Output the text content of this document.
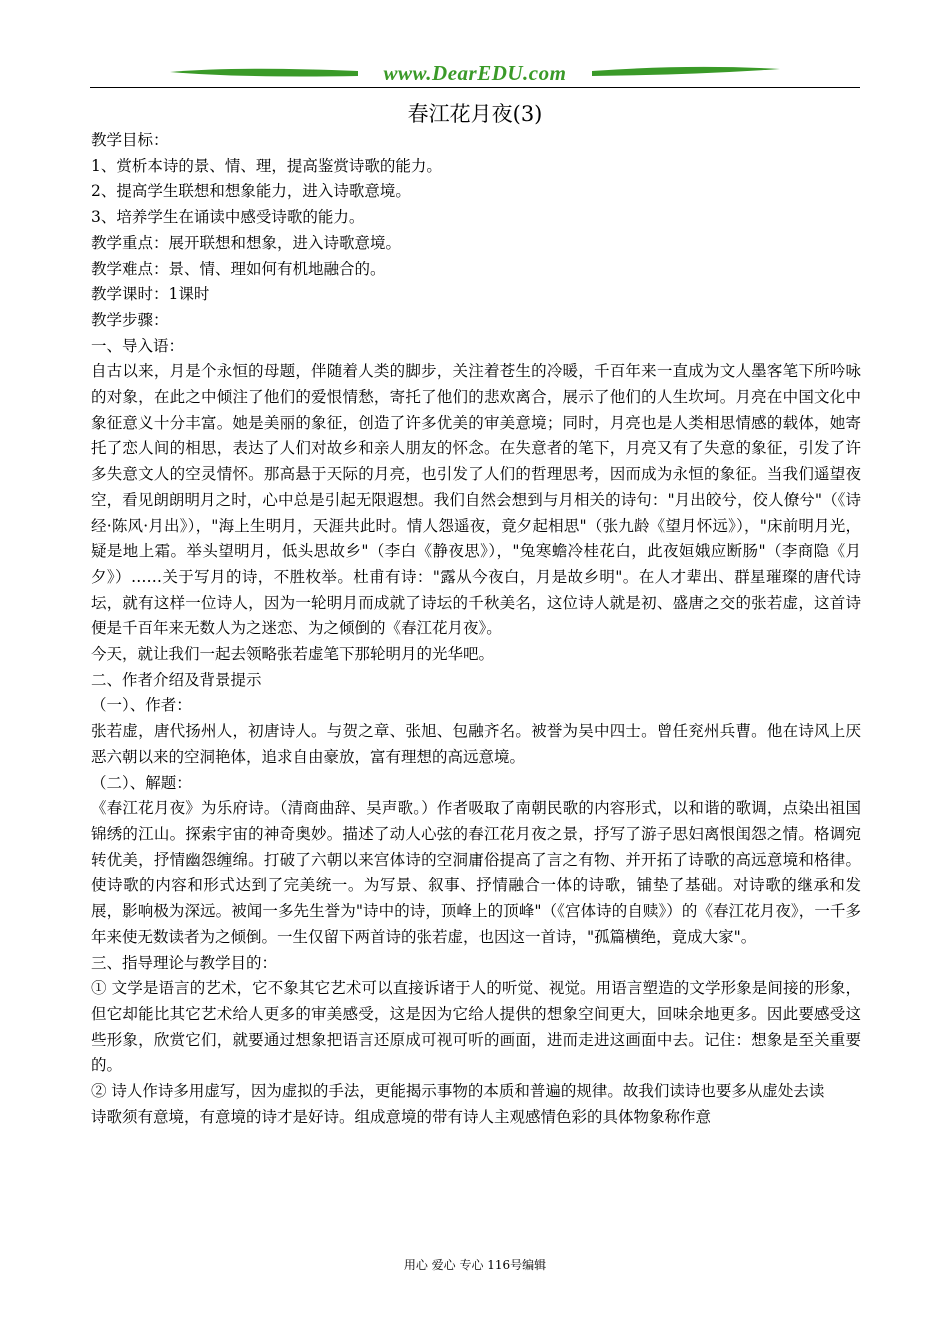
www.DearEDU.com
春江花月夜(3)

教学目标：

1、赏析本诗的景、情、理，提高鉴赏诗歌的能力。

2、提高学生联想和想象能力，进入诗歌意境。

3、培养学生在诵读中感受诗歌的能力。

教学重点：展开联想和想象，进入诗歌意境。

教学难点：景、情、理如何有机地融合的。

教学课时：1课时

教学步骤：

一、导入语：

自古以来，月是个永恒的母题，伴随着人类的脚步，关注着苍生的冷暖，千百年来一直成为文人墨客笔下所吟咏的对象，在此之中倾注了他们的爱恨情愁，寄托了他们的悲欢离合，展示了他们的人生坎坷。月亮在中国文化中象征意义十分丰富。她是美丽的象征，创造了许多优美的审美意境；同时，月亮也是人类相思情感的载体，她寄托了恋人间的相思，表达了人们对故乡和亲人朋友的怀念。在失意者的笔下，月亮又有了失意的象征，引发了许多失意文人的空灵情怀。那高悬于天际的月亮，也引发了人们的哲理思考，因而成为永恒的象征。当我们遥望夜空，看见朗朗明月之时，心中总是引起无限遐想。我们自然会想到与月相关的诗句："月出皎兮，佼人僚兮"（《诗经·陈风·月出》），"海上生明月，天涯共此时。情人怨遥夜，竟夕起相思"（张九龄《望月怀远》），"床前明月光，疑是地上霜。举头望明月，低头思故乡"（李白《静夜思》），"兔寒蟾冷桂花白，此夜姮娥应断肠"（李商隐《月夕》）……关于写月的诗，不胜枚举。杜甫有诗："露从今夜白，月是故乡明"。在人才辈出、群星璀璨的唐代诗坛，就有这样一位诗人，因为一轮明月而成就了诗坛的千秋美名，这位诗人就是初、盛唐之交的张若虚，这首诗便是千百年来无数人为之迷恋、为之倾倒的《春江花月夜》。

今天，就让我们一起去领略张若虚笔下那轮明月的光华吧。

二、作者介绍及背景提示

（一）、作者：

张若虚，唐代扬州人，初唐诗人。与贺之章、张旭、包融齐名。被誉为吴中四士。曾任兖州兵曹。他在诗风上厌恶六朝以来的空洞艳体，追求自由豪放，富有理想的高远意境。

（二）、解题：

《春江花月夜》为乐府诗。（清商曲辞、吴声歌。）作者吸取了南朝民歌的内容形式，以和谐的歌调，点染出祖国锦绣的江山。探索宇宙的神奇奥妙。描述了动人心弦的春江花月夜之景，抒写了游子思妇离恨闺怨之情。格调宛转优美，抒情幽怨缠绵。打破了六朝以来宫体诗的空洞庸俗提高了言之有物、并开拓了诗歌的高远意境和格律。使诗歌的内容和形式达到了完美统一。为写景、叙事、抒情融合一体的诗歌，铺垫了基础。对诗歌的继承和发展，影响极为深远。被闻一多先生誉为"诗中的诗，顶峰上的顶峰"（《宫体诗的自赎》）的《春江花月夜》，一千多年来使无数读者为之倾倒。一生仅留下两首诗的张若虚，也因这一首诗，"孤篇横绝，竟成大家"。

三、指导理论与教学目的：

① 文学是语言的艺术，它不象其它艺术可以直接诉诸于人的听觉、视觉。用语言塑造的文学形象是间接的形象，但它却能比其它艺术给人更多的审美感受，这是因为它给人提供的想象空间更大，回味余地更多。因此要感受这些形象，欣赏它们，就要通过想象把语言还原成可视可听的画面，进而走进这画面中去。记住：想象是至关重要的。

② 诗人作诗多用虚写，因为虚拟的手法，更能揭示事物的本质和普遍的规律。故我们读诗也要多从虚处去读

诗歌须有意境，有意境的诗才是好诗。组成意境的带有诗人主观感情色彩的具体物象称作意

用心 爱心 专心 116号编辑
